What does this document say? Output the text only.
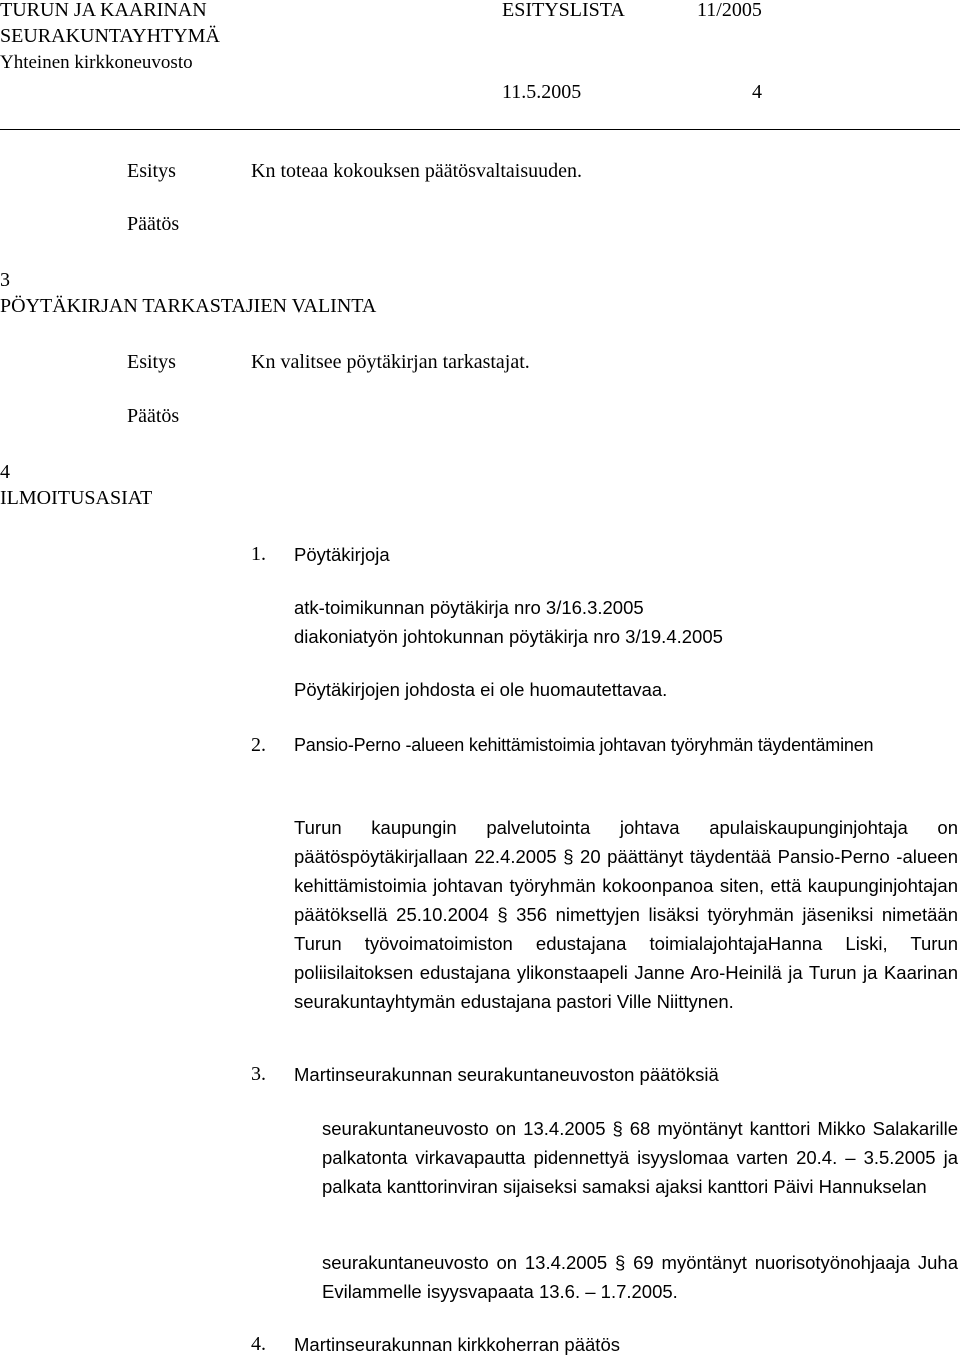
TURUN JA KAARINAN
SEURAKUNTAYHTYMÄ
Yhteinen kirkkoneuvosto
ESITYSLISTA	11/2005
11.5.2005	4
Esitys	Kn toteaa kokouksen päätösvaltaisuuden.
Päätös
3
PÖYTÄKIRJAN TARKASTAJIEN VALINTA
Esitys	Kn valitsee pöytäkirjan tarkastajat.
Päätös
4
ILMOITUSASIAT
1. Pöytäkirjoja
atk-toimikunnan pöytäkirja nro 3/16.3.2005
diakoniatyön johtokunnan pöytäkirja nro 3/19.4.2005
Pöytäkirjojen johdosta ei ole huomautettavaa.
2. Pansio-Perno -alueen kehittämistoimia johtavan työryhmän täydentäminen
Turun kaupungin palvelutointa johtava apulaiskaupunginjohtaja on päätöspöytäkirjallaan 22.4.2005 § 20 päättänyt täydentää Pansio-Perno -alueen kehittämistoimia johtavan työryhmän kokoonpanoa siten, että kaupunginjohtajan päätöksellä 25.10.2004 § 356 nimettyjen lisäksi työryhmän jäseniksi nimetään Turun työvoimatoimiston edustajana toimialajohtajaHanna Liski, Turun poliisilaitoksen edustajana ylikonstaapeli Janne Aro-Heinilä ja Turun ja Kaarinan seurakuntayhtymän edustajana pastori Ville Niittynen.
3. Martinseurakunnan seurakuntaneuvoston päätöksiä
seurakuntaneuvosto on 13.4.2005 § 68 myöntänyt kanttori Mikko Salakarille palkatonta virkavapautta pidennettyä isyyslomaa varten 20.4. – 3.5.2005 ja palkata kanttorinviran sijaiseksi samaksi ajaksi kanttori Päivi Hannukselan
seurakuntaneuvosto on 13.4.2005 § 69 myöntänyt nuorisotyönohjaaja Juha Evilammelle isyysvapaata 13.6. – 1.7.2005.
4. Martinseurakunnan kirkkoherran päätös
